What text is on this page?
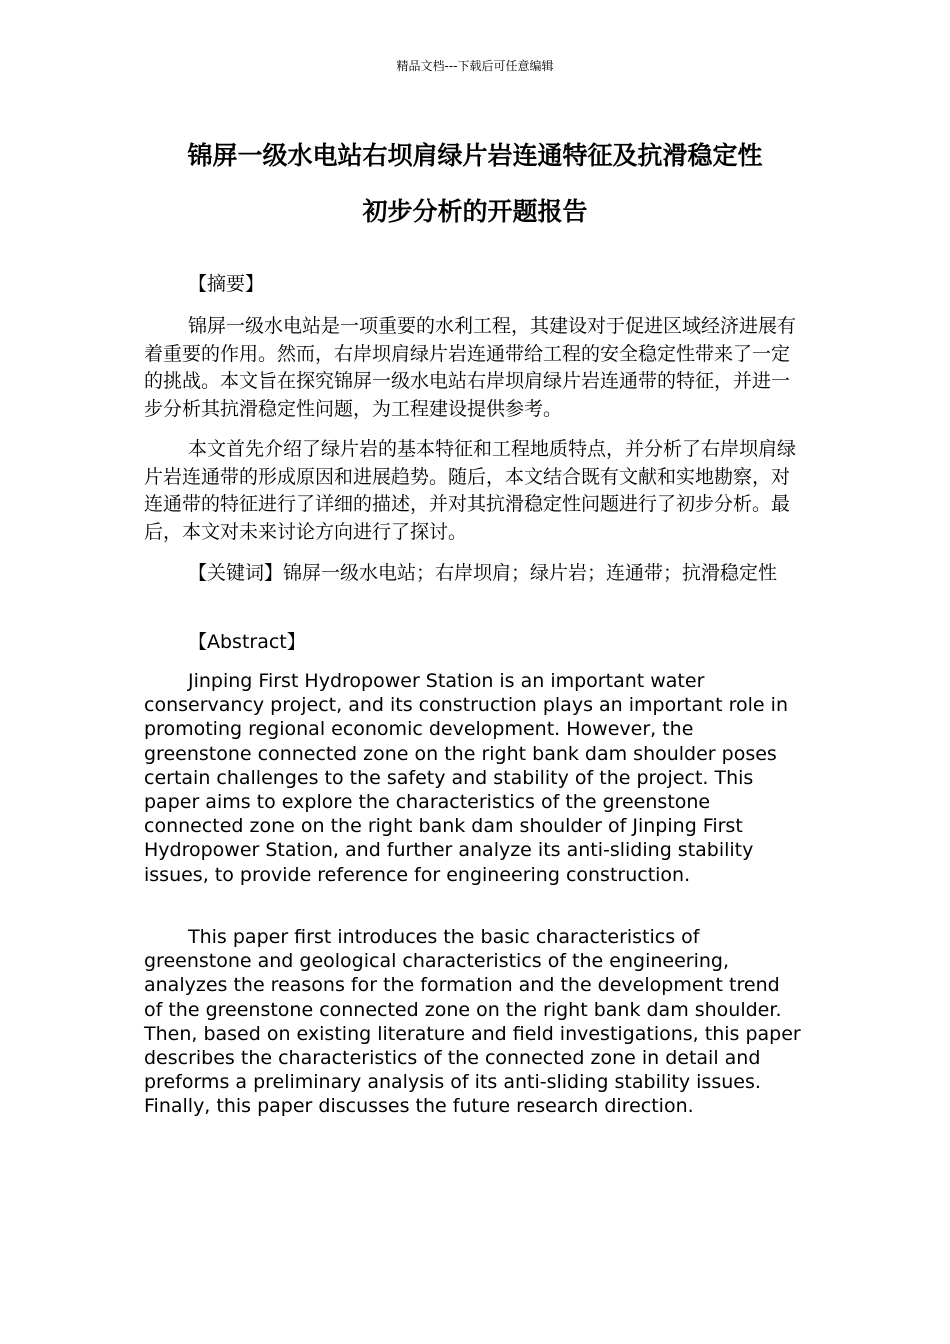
精品文档---下载后可任意编辑
锦屏一级水电站右坝肩绿片岩连通特征及抗滑稳定性
初步分析的开题报告

【摘要】

锦屏一级水电站是一项重要的水利工程，其建设对于促进区域经济进展有着重要的作用。然而，右岸坝肩绿片岩连通带给工程的安全稳定性带来了一定的挑战。本文旨在探究锦屏一级水电站右岸坝肩绿片岩连通带的特征，并进一步分析其抗滑稳定性问题，为工程建设提供参考。

本文首先介绍了绿片岩的基本特征和工程地质特点，并分析了右岸坝肩绿片岩连通带的形成原因和进展趋势。随后，本文结合既有文献和实地勘察，对连通带的特征进行了详细的描述，并对其抗滑稳定性问题进行了初步分析。最后，本文对未来讨论方向进行了探讨。

【关键词】锦屏一级水电站；右岸坝肩；绿片岩；连通带；抗滑稳定性

【Abstract】

Jinping First Hydropower Station is an important water conservancy project, and its construction plays an important role in promoting regional economic development. However, the greenstone connected zone on the right bank dam shoulder poses certain challenges to the safety and stability of the project. This paper aims to explore the characteristics of the greenstone connected zone on the right bank dam shoulder of Jinping First Hydropower Station, and further analyze its anti-sliding stability issues, to provide reference for engineering construction.

This paper first introduces the basic characteristics of greenstone and geological characteristics of the engineering, analyzes the reasons for the formation and the development trend of the greenstone connected zone on the right bank dam shoulder. Then, based on existing literature and field investigations, this paper describes the characteristics of the connected zone in detail and preforms a preliminary analysis of its anti-sliding stability issues. Finally, this paper discusses the future research direction.
